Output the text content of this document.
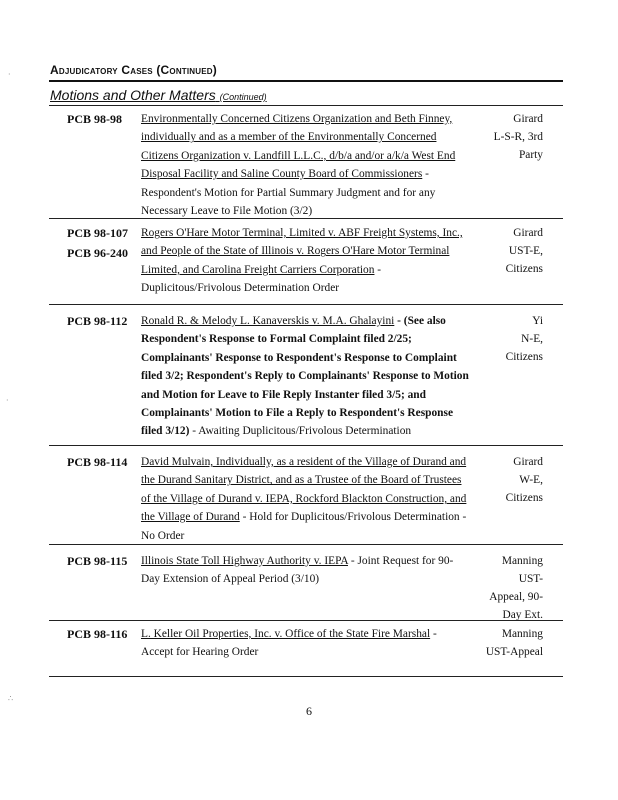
Adjudicatory Cases (Continued)
Motions and Other Matters (Continued)
PCB 98-98 Environmentally Concerned Citizens Organization and Beth Finney, individually and as a member of the Environmentally Concerned Citizens Organization v. Landfill L.L.C., d/b/a and/or a/k/a West End Disposal Facility and Saline County Board of Commissioners - Respondent's Motion for Partial Summary Judgment and for any Necessary Leave to File Motion (3/2)
Girard
L-S-R, 3rd
Party
PCB 98-107
PCB 96-240
Rogers O'Hare Motor Terminal, Limited v. ABF Freight Systems, Inc., and People of the State of Illinois v. Rogers O'Hare Motor Terminal Limited, and Carolina Freight Carriers Corporation - Duplicitous/Frivolous Determination Order
Girard
UST-E,
Citizens
PCB 98-112 Ronald R. & Melody L. Kanaverskis v. M.A. Ghalayini - (See also Respondent's Response to Formal Complaint filed 2/25; Complainants' Response to Respondent's Response to Complaint filed 3/2; Respondent's Reply to Complainants' Response to Motion and Motion for Leave to File Reply Instanter filed 3/5; and Complainants' Motion to File a Reply to Respondent's Response filed 3/12) - Awaiting Duplicitous/Frivolous Determination
Yi
N-E,
Citizens
PCB 98-114 David Mulvain, Individually, as a resident of the Village of Durand and the Durand Sanitary District, and as a Trustee of the Board of Trustees of the Village of Durand v. IEPA, Rockford Blackton Construction, and the Village of Durand - Hold for Duplicitous/Frivolous Determination - No Order
Girard
W-E,
Citizens
PCB 98-115 Illinois State Toll Highway Authority v. IEPA - Joint Request for 90-Day Extension of Appeal Period (3/10)
Manning
UST-
Appeal, 90-
Day Ext.
PCB 98-116 L. Keller Oil Properties, Inc. v. Office of the State Fire Marshal - Accept for Hearing Order
Manning
UST-Appeal
6
·
·
∴
